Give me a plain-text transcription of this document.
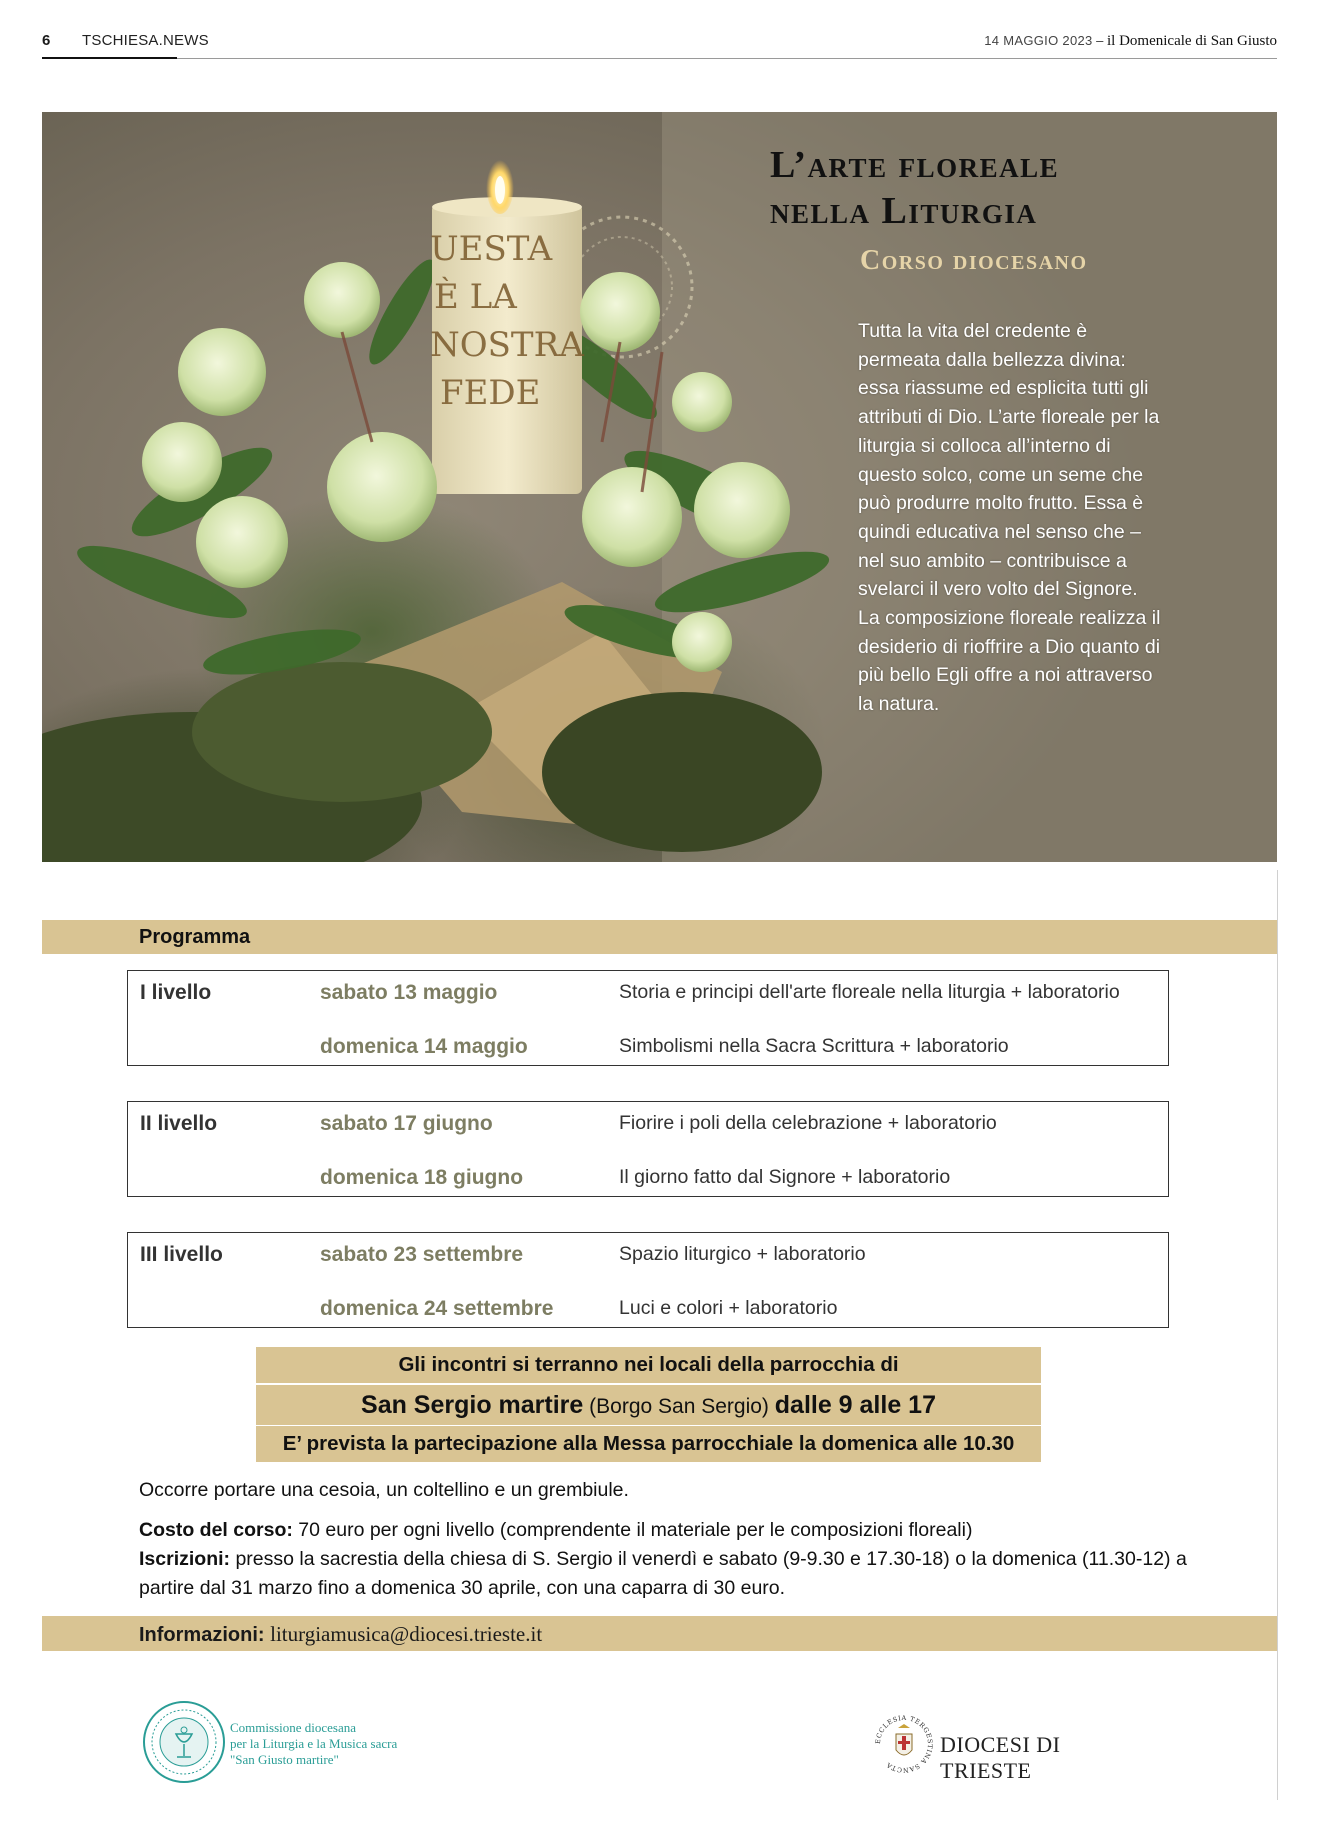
6 TSCHIESA.NEWS	14 MAGGIO 2023 – il Domenicale di San Giusto
UESTA
È LA
NOSTRA
FEDE
L’arte floreale
nella Liturgia
Corso diocesano

Tutta la vita del credente è permeata dalla bellezza divina: essa riassume ed esplicita tutti gli attributi di Dio. L’arte floreale per la liturgia si colloca all’interno di questo solco, come un seme che può produrre molto frutto. Essa è quindi educativa nel senso che – nel suo ambito – contribuisce a svelarci il vero volto del Signore.

La composizione floreale realizza il desiderio di rioffrire a Dio quanto di più bello Egli offre a noi attraverso la natura.

Programma
I livello	sabato 13 maggio	Storia e principi dell'arte floreale nella liturgia + laboratorio
domenica 14 maggio	Simbolismi nella Sacra Scrittura + laboratorio
II livello	sabato 17 giugno	Fiorire i poli della celebrazione + laboratorio
domenica 18 giugno	Il giorno fatto dal Signore + laboratorio
III livello	sabato 23 settembre	Spazio liturgico + laboratorio
domenica 24 settembre	Luci e colori + laboratorio
Gli incontri si terranno nei locali della parrocchia di
San Sergio martire (Borgo San Sergio) dalle 9 alle 17
E’ prevista la partecipazione alla Messa parrocchiale la domenica alle 10.30
Occorre portare una cesoia, un coltellino e un grembiule.
Costo del corso: 70 euro per ogni livello (comprendente il materiale per le composizioni floreali)
Iscrizioni: presso la sacrestia della chiesa di S. Sergio il venerdì e sabato (9-9.30 e 17.30-18) o la domenica (11.30-12) a partire dal 31 marzo fino a domenica 30 aprile, con una caparra di 30 euro.
Informazioni: liturgiamusica@diocesi.trieste.it
Commissione diocesana
per la Liturgia e la Musica sacra
"San Giusto martire"
ECCLESIA TERGESTINA SANCTA
DIOCESI DI TRIESTE
